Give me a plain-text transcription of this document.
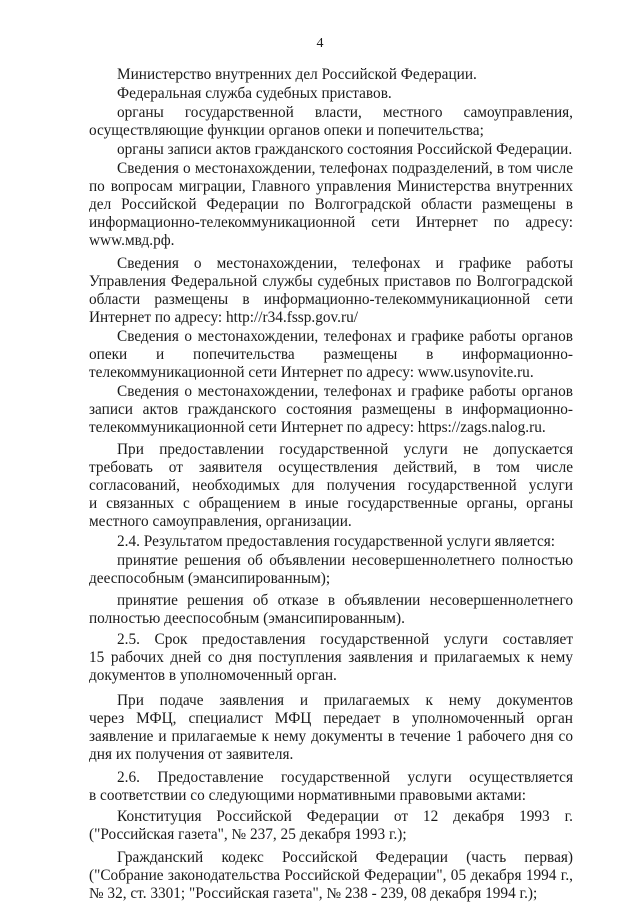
4
Министерство внутренних дел Российской Федерации.
Федеральная служба судебных приставов.
органы государственной власти, местного самоуправления,
осуществляющие функции органов опеки и попечительства;
органы записи актов гражданского состояния Российской Федерации.
Сведения о местонахождении, телефонах подразделений, в том числе
по вопросам миграции, Главного управления Министерства внутренних
дел Российской Федерации по Волгоградской области размещены в
информационно-телекоммуникационной сети Интернет по адресу:
www.мвд.рф.
Сведения о местонахождении, телефонах и графике работы
Управления Федеральной службы судебных приставов по Волгоградской
области размещены в информационно-телекоммуникационной сети
Интернет по адресу: http://r34.fssp.gov.ru/
Сведения о местонахождении, телефонах и графике работы органов
опеки и попечительства размещены в информационно-
телекоммуникационной сети Интернет по адресу: www.usynovite.ru.
Сведения о местонахождении, телефонах и графике работы органов
записи актов гражданского состояния размещены в информационно-
телекоммуникационной сети Интернет по адресу: https://zags.nalog.ru.
При предоставлении государственной услуги не допускается
требовать от заявителя осуществления действий, в том числе
согласований, необходимых для получения государственной услуги
и связанных с обращением в иные государственные органы, органы
местного самоуправления, организации.
2.4. Результатом предоставления государственной услуги является:
принятие решения об объявлении несовершеннолетнего полностью
дееспособным (эмансипированным);
принятие решения об отказе в объявлении несовершеннолетнего
полностью дееспособным (эмансипированным).
2.5. Срок предоставления государственной услуги составляет
15 рабочих дней со дня поступления заявления и прилагаемых к нему
документов в уполномоченный орган.
При подаче заявления и прилагаемых к нему документов
через МФЦ, специалист МФЦ передает в уполномоченный орган
заявление и прилагаемые к нему документы в течение 1 рабочего дня со
дня их получения от заявителя.
2.6. Предоставление государственной услуги осуществляется
в соответствии со следующими нормативными правовыми актами:
Конституция Российской Федерации от 12 декабря 1993 г.
("Российская газета", № 237, 25 декабря 1993 г.);
Гражданский кодекс Российской Федерации (часть первая)
("Собрание законодательства Российской Федерации", 05 декабря 1994 г.,
№ 32, ст. 3301; "Российская газета", № 238 - 239, 08 декабря 1994 г.);
